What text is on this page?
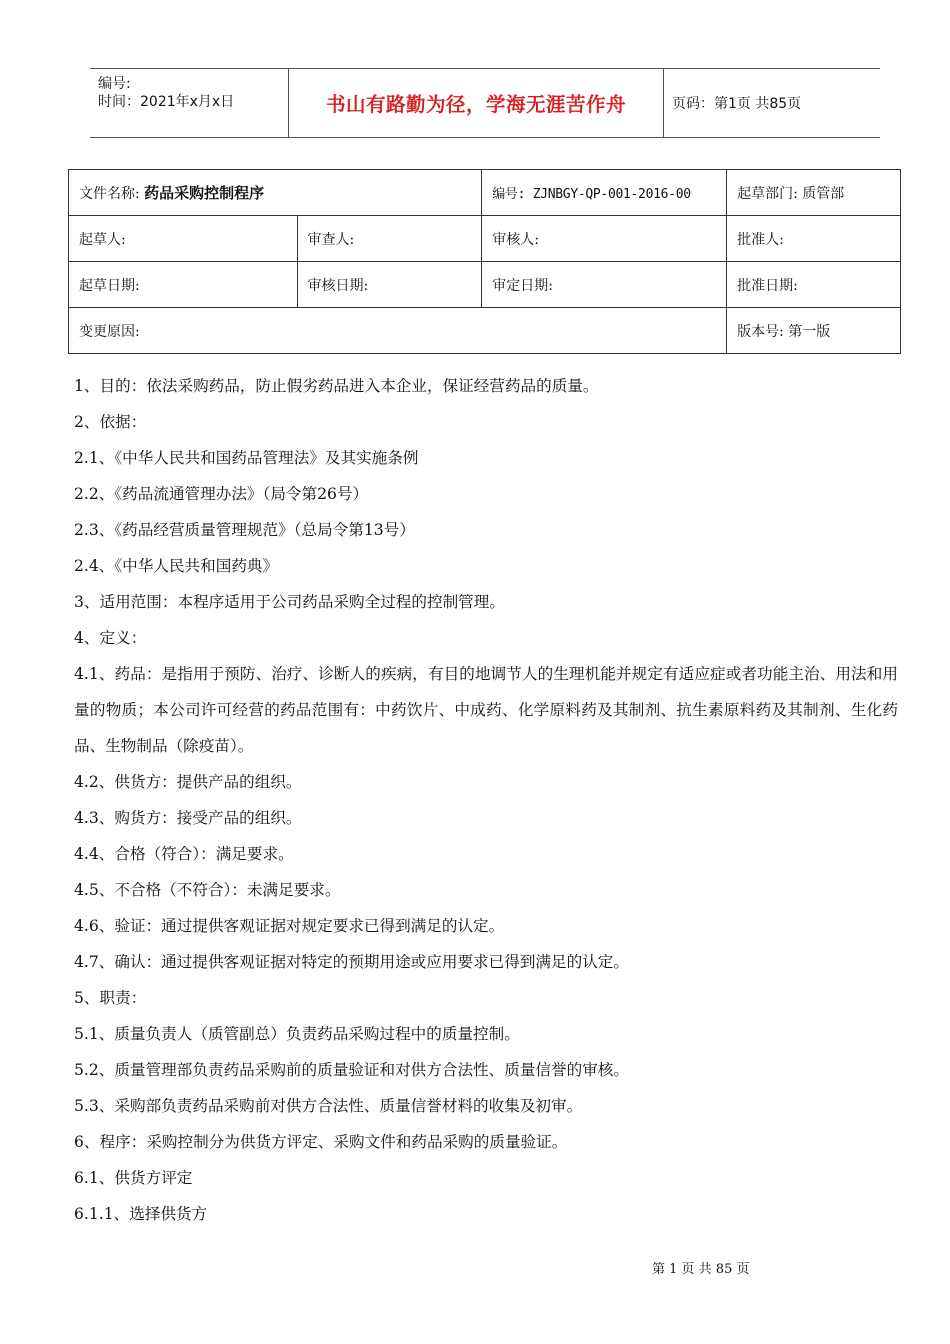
编号:
时间：2021年x月x日	书山有路勤为径，学海无涯苦作舟	页码：第1页 共85页
文件名称: 药品采购控制程序		编号: ZJNBGY-QP-001-2016-00	起草部门: 质管部
起草人:	审查人:	审核人:	批准人:
起草日期:	审核日期:	审定日期:	批准日期:
变更原因:			版本号: 第一版

1、目的：依法采购药品，防止假劣药品进入本企业，保证经营药品的质量。

2、依据：

2.1、《中华人民共和国药品管理法》及其实施条例

2.2、《药品流通管理办法》（局令第26号）

2.3、《药品经营质量管理规范》（总局令第13号）

2.4、《中华人民共和国药典》

3、适用范围：本程序适用于公司药品采购全过程的控制管理。

4、定义：

4.1、药品：是指用于预防、治疗、诊断人的疾病，有目的地调节人的生理机能并规定有适应症或者功能主治、用法和用量的物质；本公司许可经营的药品范围有：中药饮片、中成药、化学原料药及其制剂、抗生素原料药及其制剂、生化药品、生物制品（除疫苗）。

4.2、供货方：提供产品的组织。

4.3、购货方：接受产品的组织。

4.4、合格（符合）：满足要求。

4.5、不合格（不符合）：未满足要求。

4.6、验证：通过提供客观证据对规定要求已得到满足的认定。

4.7、确认：通过提供客观证据对特定的预期用途或应用要求已得到满足的认定。

5、职责：

5.1、质量负责人（质管副总）负责药品采购过程中的质量控制。

5.2、质量管理部负责药品采购前的质量验证和对供方合法性、质量信誉的审核。

5.3、采购部负责药品采购前对供方合法性、质量信誉材料的收集及初审。

6、程序：采购控制分为供货方评定、采购文件和药品采购的质量验证。

6.1、供货方评定

6.1.1、选择供货方

第 1 页 共 85 页
